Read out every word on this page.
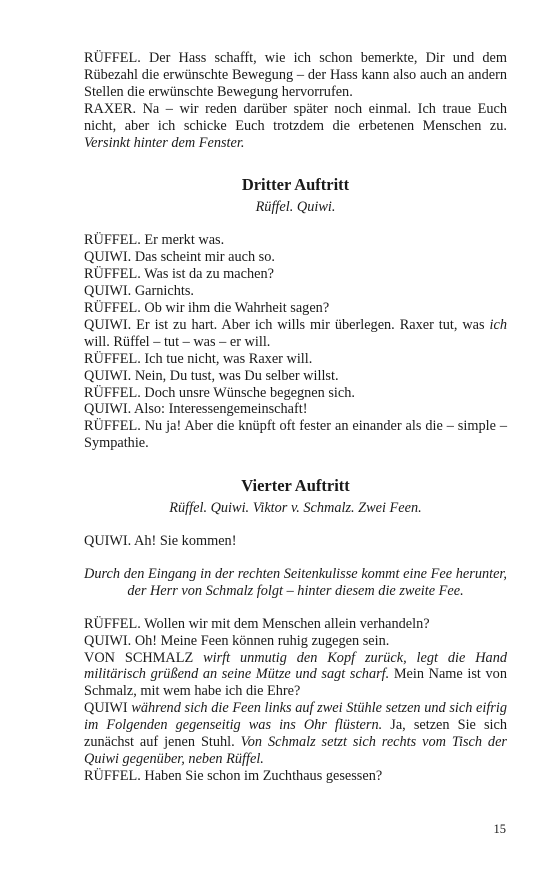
RÜFFEL. Der Hass schafft, wie ich schon bemerkte, Dir und dem Rübezahl die erwünschte Bewegung – der Hass kann also auch an andern Stellen die erwünschte Bewegung hervorrufen.
RAXER. Na – wir reden darüber später noch einmal. Ich traue Euch nicht, aber ich schicke Euch trotzdem die erbetenen Menschen zu. Versinkt hinter dem Fenster.
Dritter Auftritt
Rüffel. Quiwi.
RÜFFEL. Er merkt was.
QUIWI. Das scheint mir auch so.
RÜFFEL. Was ist da zu machen?
QUIWI. Garnichts.
RÜFFEL. Ob wir ihm die Wahrheit sagen?
QUIWI. Er ist zu hart. Aber ich wills mir überlegen. Raxer tut, was ich will. Rüffel – tut – was – er will.
RÜFFEL. Ich tue nicht, was Raxer will.
QUIWI. Nein, Du tust, was Du selber willst.
RÜFFEL. Doch unsre Wünsche begegnen sich.
QUIWI. Also: Interessengemeinschaft!
RÜFFEL. Nu ja! Aber die knüpft oft fester an einander als die – simple – Sympathie.
Vierter Auftritt
Rüffel. Quiwi. Viktor v. Schmalz. Zwei Feen.
QUIWI. Ah! Sie kommen!
Durch den Eingang in der rechten Seitenkulisse kommt eine Fee herunter, der Herr von Schmalz folgt – hinter diesem die zweite Fee.
RÜFFEL. Wollen wir mit dem Menschen allein verhandeln?
QUIWI. Oh! Meine Feen können ruhig zugegen sein.
VON SCHMALZ wirft unmutig den Kopf zurück, legt die Hand militärisch grüßend an seine Mütze und sagt scharf. Mein Name ist von Schmalz, mit wem habe ich die Ehre?
QUIWI während sich die Feen links auf zwei Stühle setzen und sich eifrig im Folgenden gegenseitig was ins Ohr flüstern. Ja, setzen Sie sich zunächst auf jenen Stuhl. Von Schmalz setzt sich rechts vom Tisch der Quiwi gegenüber, neben Rüffel.
RÜFFEL. Haben Sie schon im Zuchthaus gesessen?
15
